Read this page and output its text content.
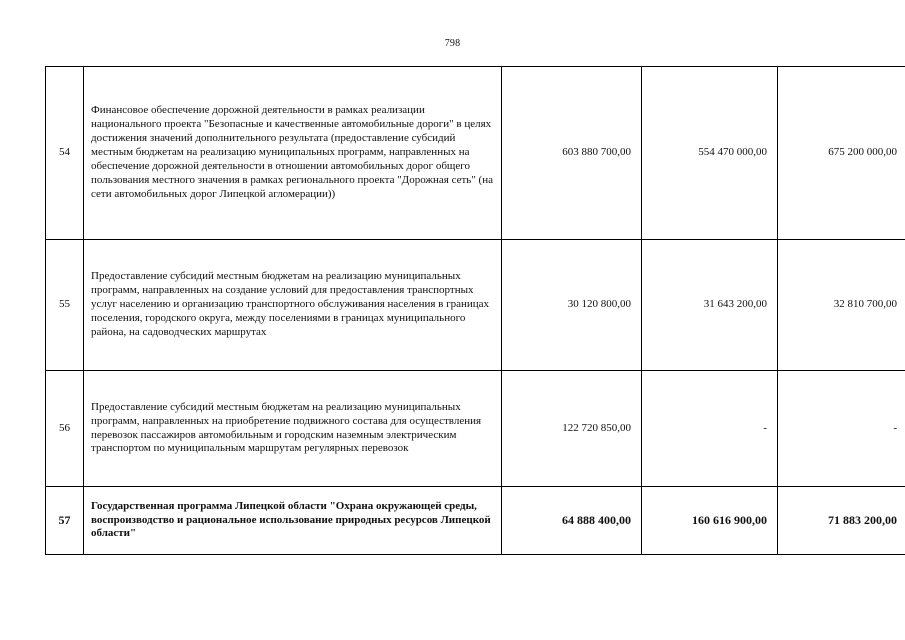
798
54	Финансовое обеспечение дорожной деятельности в рамках реализации национального проекта "Безопасные и качественные автомобильные дороги" в целях достижения значений дополнительного результата (предоставление субсидий местным бюджетам на реализацию муниципальных программ, направленных на обеспечение дорожной деятельности в отношении автомобильных дорог общего пользования местного значения в рамках регионального проекта "Дорожная сеть" (на сети автомобильных дорог Липецкой агломерации))	603 880 700,00	554 470 000,00	675 200 000,00
55	Предоставление субсидий местным бюджетам на реализацию муниципальных программ, направленных на создание условий для предоставления транспортных услуг населению и организацию транспортного обслуживания населения в границах поселения, городского округа, между поселениями в границах муниципального района, на садоводческих маршрутах	30 120 800,00	31 643 200,00	32 810 700,00
56	Предоставление субсидий местным бюджетам на реализацию муниципальных программ, направленных на приобретение подвижного состава для осуществления перевозок пассажиров автомобильным и городским наземным электрическим транспортом по муниципальным маршрутам регулярных перевозок	122 720 850,00	-	-
57	Государственная программа Липецкой области "Охрана окружающей среды, воспроизводство и рациональное использование природных ресурсов Липецкой области"	64 888 400,00	160 616 900,00	71 883 200,00
